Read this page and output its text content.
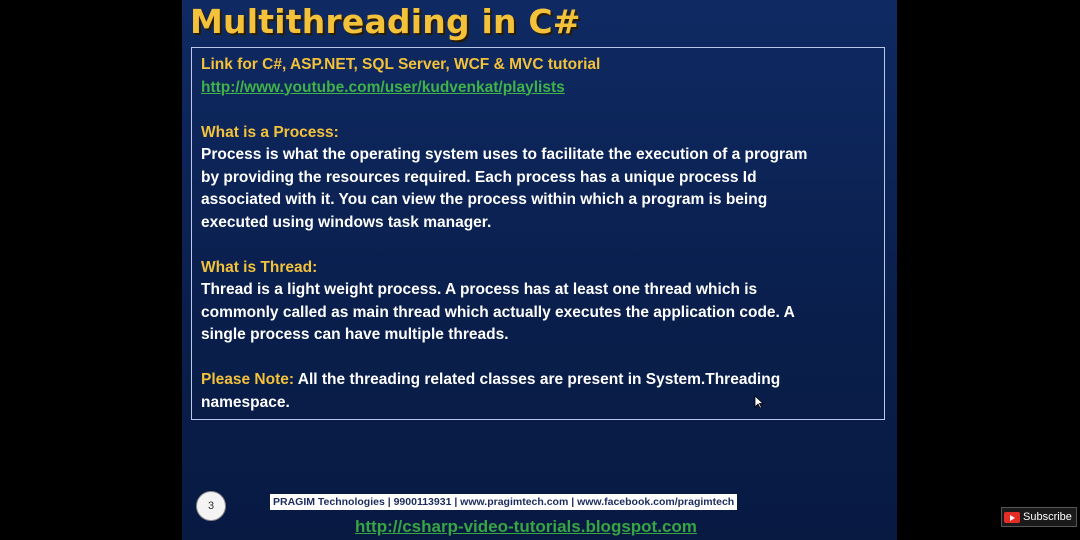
Multithreading in C#
Link for C#, ASP.NET, SQL Server, WCF & MVC tutorial
http://www.youtube.com/user/kudvenkat/playlists
What is a Process:
Process is what the operating system uses to facilitate the execution of a program
by providing the resources required. Each process has a unique process Id
associated with it. You can view the process within which a program is being
executed using windows task manager.
What is Thread:
Thread is a light weight process. A process has at least one thread which is
commonly called as main thread which actually executes the application code. A
single process can have multiple threads.
Please Note: All the threading related classes are present in System.Threading
namespace.
3	PRAGIM Technologies | 9900113931 | www.pragimtech.com | www.facebook.com/pragimtech
http://csharp-video-tutorials.blogspot.com	Subscribe
